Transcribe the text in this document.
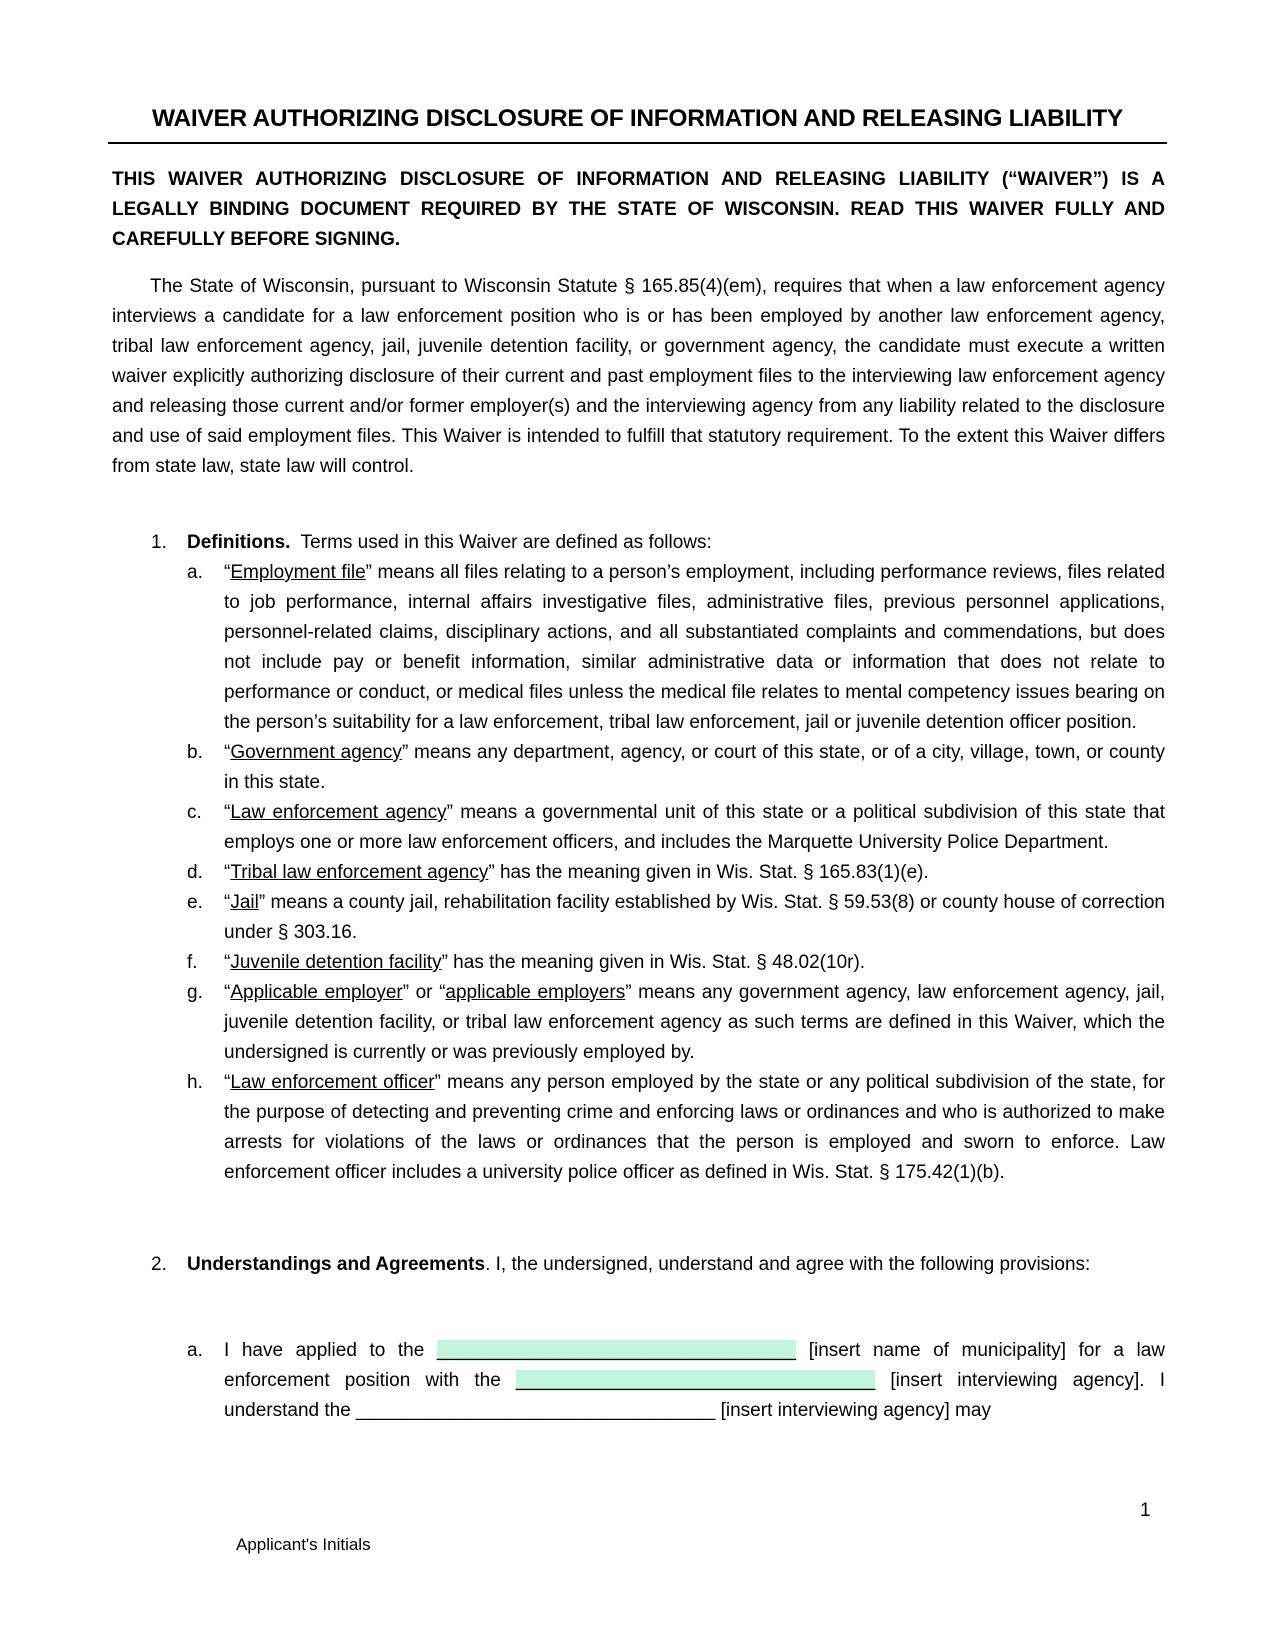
WAIVER AUTHORIZING DISCLOSURE OF INFORMATION AND RELEASING LIABILITY
THIS WAIVER AUTHORIZING DISCLOSURE OF INFORMATION AND RELEASING LIABILITY (“WAIVER”) IS A LEGALLY BINDING DOCUMENT REQUIRED BY THE STATE OF WISCONSIN. READ THIS WAIVER FULLY AND CAREFULLY BEFORE SIGNING.
The State of Wisconsin, pursuant to Wisconsin Statute § 165.85(4)(em), requires that when a law enforcement agency interviews a candidate for a law enforcement position who is or has been employed by another law enforcement agency, tribal law enforcement agency, jail, juvenile detention facility, or government agency, the candidate must execute a written waiver explicitly authorizing disclosure of their current and past employment files to the interviewing law enforcement agency and releasing those current and/or former employer(s) and the interviewing agency from any liability related to the disclosure and use of said employment files. This Waiver is intended to fulfill that statutory requirement. To the extent this Waiver differs from state law, state law will control.
1. Definitions. Terms used in this Waiver are defined as follows:
a. “Employment file” means all files relating to a person’s employment, including performance reviews, files related to job performance, internal affairs investigative files, administrative files, previous personnel applications, personnel-related claims, disciplinary actions, and all substantiated complaints and commendations, but does not include pay or benefit information, similar administrative data or information that does not relate to performance or conduct, or medical files unless the medical file relates to mental competency issues bearing on the person’s suitability for a law enforcement, tribal law enforcement, jail or juvenile detention officer position.
b. “Government agency” means any department, agency, or court of this state, or of a city, village, town, or county in this state.
c. “Law enforcement agency” means a governmental unit of this state or a political subdivision of this state that employs one or more law enforcement officers, and includes the Marquette University Police Department.
d. “Tribal law enforcement agency” has the meaning given in Wis. Stat. § 165.83(1)(e).
e. “Jail” means a county jail, rehabilitation facility established by Wis. Stat. § 59.53(8) or county house of correction under § 303.16.
f. “Juvenile detention facility” has the meaning given in Wis. Stat. § 48.02(10r).
g. “Applicable employer” or “applicable employers” means any government agency, law enforcement agency, jail, juvenile detention facility, or tribal law enforcement agency as such terms are defined in this Waiver, which the undersigned is currently or was previously employed by.
h. “Law enforcement officer” means any person employed by the state or any political subdivision of the state, for the purpose of detecting and preventing crime and enforcing laws or ordinances and who is authorized to make arrests for violations of the laws or ordinances that the person is employed and sworn to enforce. Law enforcement officer includes a university police officer as defined in Wis. Stat. § 175.42(1)(b).
2. Understandings and Agreements. I, the undersigned, understand and agree with the following provisions:
a. I have applied to the __________________________________ [insert name of municipality] for a law enforcement position with the __________________________________ [insert interviewing agency]. I understand the __________________________________ [insert interviewing agency] may
1
Applicant's Initials
